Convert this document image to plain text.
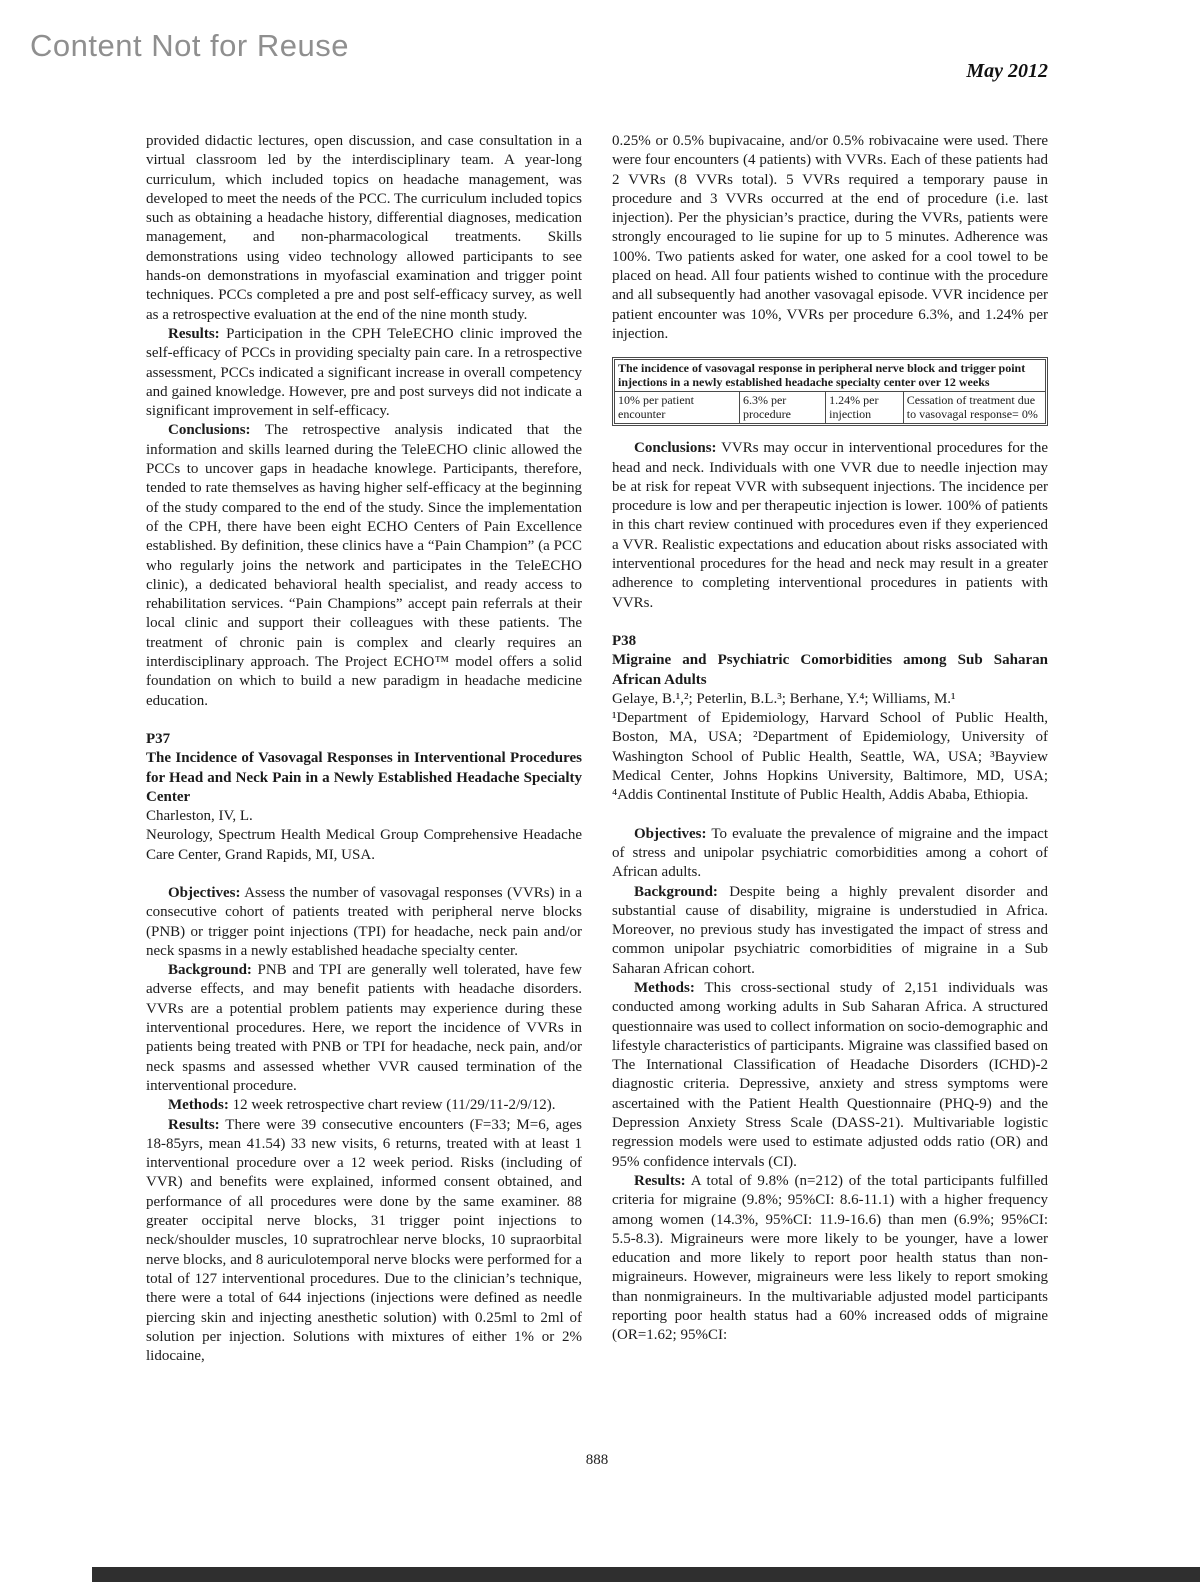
Content Not for Reuse
May 2012

provided didactic lectures, open discussion, and case consultation in a virtual classroom led by the interdisciplinary team. A year-long curriculum, which included topics on headache management, was developed to meet the needs of the PCC. The curriculum included topics such as obtaining a headache history, differential diagnoses, medication management, and non-pharmacological treatments. Skills demonstrations using video technology allowed participants to see hands-on demonstrations in myofascial examination and trigger point techniques. PCCs completed a pre and post self-efficacy survey, as well as a retrospective evaluation at the end of the nine month study.

Results: Participation in the CPH TeleECHO clinic improved the self-efficacy of PCCs in providing specialty pain care. In a retrospective assessment, PCCs indicated a significant increase in overall competency and gained knowledge. However, pre and post surveys did not indicate a significant improvement in self-efficacy.

Conclusions: The retrospective analysis indicated that the information and skills learned during the TeleECHO clinic allowed the PCCs to uncover gaps in headache knowlege. Participants, therefore, tended to rate themselves as having higher self-efficacy at the beginning of the study compared to the end of the study. Since the implementation of the CPH, there have been eight ECHO Centers of Pain Excellence established. By definition, these clinics have a “Pain Champion” (a PCC who regularly joins the network and participates in the TeleECHO clinic), a dedicated behavioral health specialist, and ready access to rehabilitation services. “Pain Champions” accept pain referrals at their local clinic and support their colleagues with these patients. The treatment of chronic pain is complex and clearly requires an interdisciplinary approach. The Project ECHO™ model offers a solid foundation on which to build a new paradigm in headache medicine education.

P37

The Incidence of Vasovagal Responses in Interventional Procedures for Head and Neck Pain in a Newly Established Headache Specialty Center

Charleston, IV, L.

Neurology, Spectrum Health Medical Group Comprehensive Headache Care Center, Grand Rapids, MI, USA.

Objectives: Assess the number of vasovagal responses (VVRs) in a consecutive cohort of patients treated with peripheral nerve blocks (PNB) or trigger point injections (TPI) for headache, neck pain and/or neck spasms in a newly established headache specialty center.

Background: PNB and TPI are generally well tolerated, have few adverse effects, and may benefit patients with headache disorders. VVRs are a potential problem patients may experience during these interventional procedures. Here, we report the incidence of VVRs in patients being treated with PNB or TPI for headache, neck pain, and/or neck spasms and assessed whether VVR caused termination of the interventional procedure.

Methods: 12 week retrospective chart review (11/29/11-2/9/12).

Results: There were 39 consecutive encounters (F=33; M=6, ages 18-85yrs, mean 41.54) 33 new visits, 6 returns, treated with at least 1 interventional procedure over a 12 week period. Risks (including of VVR) and benefits were explained, informed consent obtained, and performance of all procedures were done by the same examiner. 88 greater occipital nerve blocks, 31 trigger point injections to neck/shoulder muscles, 10 supratrochlear nerve blocks, 10 supraorbital nerve blocks, and 8 auriculotemporal nerve blocks were performed for a total of 127 interventional procedures. Due to the clinician’s technique, there were a total of 644 injections (injections were defined as needle piercing skin and injecting anesthetic solution) with 0.25ml to 2ml of solution per injection. Solutions with mixtures of either 1% or 2% lidocaine,

0.25% or 0.5% bupivacaine, and/or 0.5% robivacaine were used. There were four encounters (4 patients) with VVRs. Each of these patients had 2 VVRs (8 VVRs total). 5 VVRs required a temporary pause in procedure and 3 VVRs occurred at the end of procedure (i.e. last injection). Per the physician’s practice, during the VVRs, patients were strongly encouraged to lie supine for up to 5 minutes. Adherence was 100%. Two patients asked for water, one asked for a cool towel to be placed on head. All four patients wished to continue with the procedure and all subsequently had another vasovagal episode. VVR incidence per patient encounter was 10%, VVRs per procedure 6.3%, and 1.24% per injection.

The incidence of vasovagal response in peripheral nerve block and trigger point injections in a newly established headache specialty center over 12 weeks
10% per patient encounter	6.3% per procedure	1.24% per injection	Cessation of treatment due to vasovagal response= 0%

Conclusions: VVRs may occur in interventional procedures for the head and neck. Individuals with one VVR due to needle injection may be at risk for repeat VVR with subsequent injections. The incidence per procedure is low and per therapeutic injection is lower. 100% of patients in this chart review continued with procedures even if they experienced a VVR. Realistic expectations and education about risks associated with interventional procedures for the head and neck may result in a greater adherence to completing interventional procedures in patients with VVRs.

P38

Migraine and Psychiatric Comorbidities among Sub Saharan African Adults

Gelaye, B.¹,²; Peterlin, B.L.³; Berhane, Y.⁴; Williams, M.¹

¹Department of Epidemiology, Harvard School of Public Health, Boston, MA, USA; ²Department of Epidemiology, University of Washington School of Public Health, Seattle, WA, USA; ³Bayview Medical Center, Johns Hopkins University, Baltimore, MD, USA; ⁴Addis Continental Institute of Public Health, Addis Ababa, Ethiopia.

Objectives: To evaluate the prevalence of migraine and the impact of stress and unipolar psychiatric comorbidities among a cohort of African adults.

Background: Despite being a highly prevalent disorder and substantial cause of disability, migraine is understudied in Africa. Moreover, no previous study has investigated the impact of stress and common unipolar psychiatric comorbidities of migraine in a Sub Saharan African cohort.

Methods: This cross-sectional study of 2,151 individuals was conducted among working adults in Sub Saharan Africa. A structured questionnaire was used to collect information on socio-demographic and lifestyle characteristics of participants. Migraine was classified based on The International Classification of Headache Disorders (ICHD)-2 diagnostic criteria. Depressive, anxiety and stress symptoms were ascertained with the Patient Health Questionnaire (PHQ-9) and the Depression Anxiety Stress Scale (DASS-21). Multivariable logistic regression models were used to estimate adjusted odds ratio (OR) and 95% confidence intervals (CI).

Results: A total of 9.8% (n=212) of the total participants fulfilled criteria for migraine (9.8%; 95%CI: 8.6-11.1) with a higher frequency among women (14.3%, 95%CI: 11.9-16.6) than men (6.9%; 95%CI: 5.5-8.3). Migraineurs were more likely to be younger, have a lower education and more likely to report poor health status than non-migraineurs. However, migraineurs were less likely to report smoking than nonmigraineurs. In the multivariable adjusted model participants reporting poor health status had a 60% increased odds of migraine (OR=1.62; 95%CI:

888
